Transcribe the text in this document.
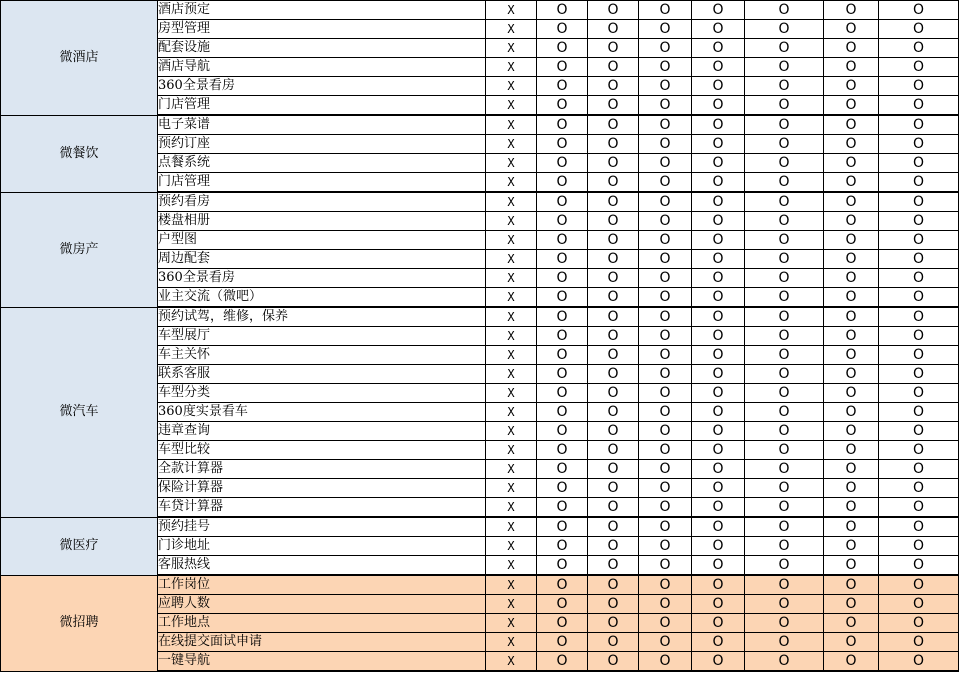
微酒店	酒店预定	X	O	O	O	O	O	O	O
	房型管理	X	O	O	O	O	O	O	O
	配套设施	X	O	O	O	O	O	O	O
	酒店导航	X	O	O	O	O	O	O	O
	360全景看房	X	O	O	O	O	O	O	O
	门店管理	X	O	O	O	O	O	O	O
微餐饮	电子菜谱	X	O	O	O	O	O	O	O
	预约订座	X	O	O	O	O	O	O	O
	点餐系统	X	O	O	O	O	O	O	O
	门店管理	X	O	O	O	O	O	O	O
微房产	预约看房	X	O	O	O	O	O	O	O
	楼盘相册	X	O	O	O	O	O	O	O
	户型图	X	O	O	O	O	O	O	O
	周边配套	X	O	O	O	O	O	O	O
	360全景看房	X	O	O	O	O	O	O	O
	业主交流（微吧）	X	O	O	O	O	O	O	O
微汽车	预约试驾，维修，保养	X	O	O	O	O	O	O	O
	车型展厅	X	O	O	O	O	O	O	O
	车主关怀	X	O	O	O	O	O	O	O
	联系客服	X	O	O	O	O	O	O	O
	车型分类	X	O	O	O	O	O	O	O
	360度实景看车	X	O	O	O	O	O	O	O
	违章查询	X	O	O	O	O	O	O	O
	车型比较	X	O	O	O	O	O	O	O
	全款计算器	X	O	O	O	O	O	O	O
	保险计算器	X	O	O	O	O	O	O	O
	车贷计算器	X	O	O	O	O	O	O	O
微医疗	预约挂号	X	O	O	O	O	O	O	O
	门诊地址	X	O	O	O	O	O	O	O
	客服热线	X	O	O	O	O	O	O	O
微招聘	工作岗位	X	O	O	O	O	O	O	O
	应聘人数	X	O	O	O	O	O	O	O
	工作地点	X	O	O	O	O	O	O	O
	在线提交面试申请	X	O	O	O	O	O	O	O
	一键导航	X	O	O	O	O	O	O	O
